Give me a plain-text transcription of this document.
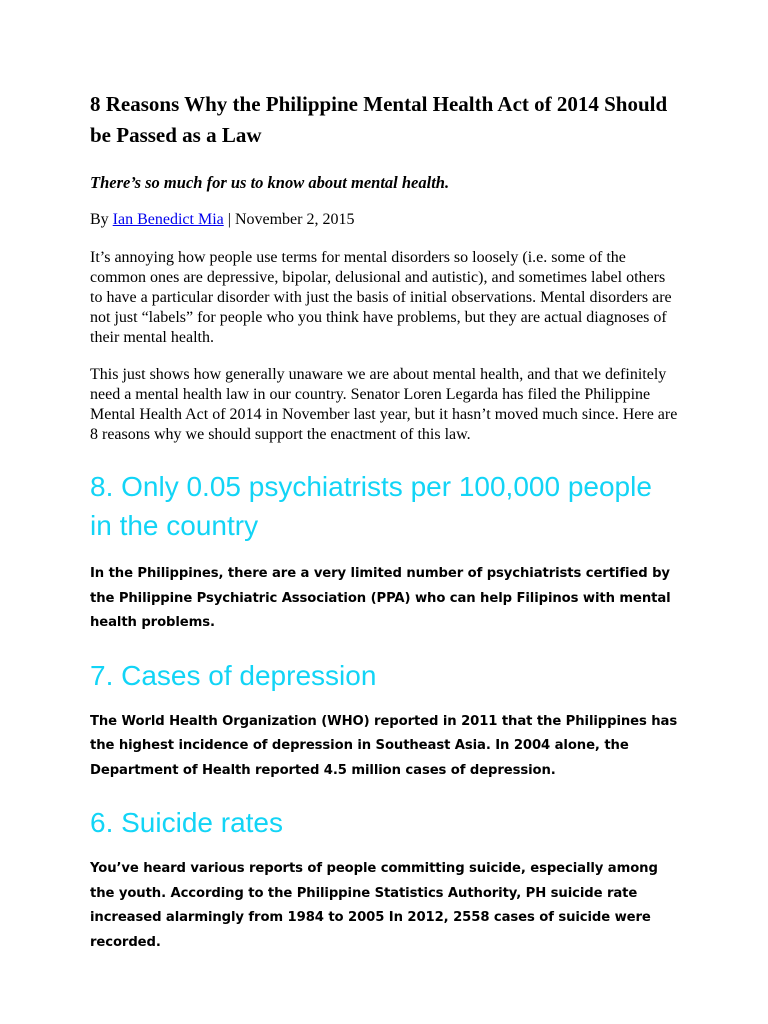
8 Reasons Why the Philippine Mental Health Act of 2014 Should be Passed as a Law

There’s so much for us to know about mental health.

By Ian Benedict Mia | November 2, 2015

It’s annoying how people use terms for mental disorders so loosely (i.e. some of the common ones are depressive, bipolar, delusional and autistic), and sometimes label others to have a particular disorder with just the basis of initial observations. Mental disorders are not just “labels” for people who you think have problems, but they are actual diagnoses of their mental health.

This just shows how generally unaware we are about mental health, and that we definitely need a mental health law in our country. Senator Loren Legarda has filed the Philippine Mental Health Act of 2014 in November last year, but it hasn’t moved much since. Here are 8 reasons why we should support the enactment of this law.

8. Only 0.05 psychiatrists per 100,000 people in the country

In the Philippines, there are a very limited number of psychiatrists certified by the Philippine Psychiatric Association (PPA) who can help Filipinos with mental health problems.

7. Cases of depression

The World Health Organization (WHO) reported in 2011 that the Philippines has the highest incidence of depression in Southeast Asia. In 2004 alone, the Department of Health reported 4.5 million cases of depression.

6. Suicide rates

You’ve heard various reports of people committing suicide, especially among the youth. According to the Philippine Statistics Authority, PH suicide rate increased alarmingly from 1984 to 2005 In 2012, 2558 cases of suicide were recorded.
